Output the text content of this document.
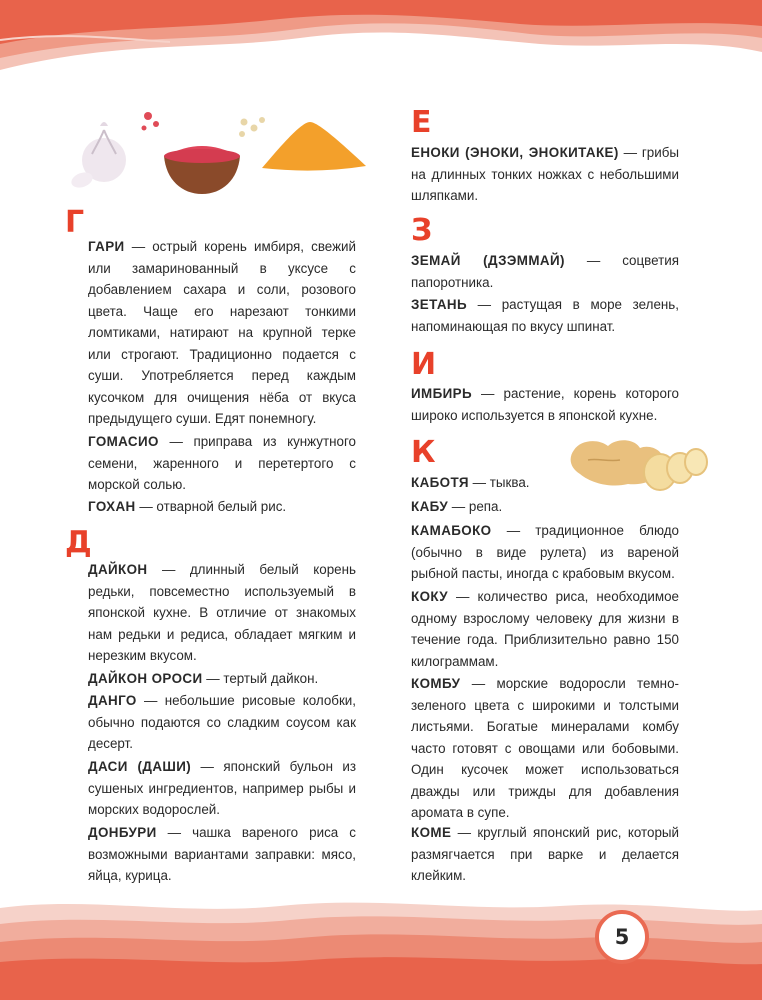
Г

ГАРИ — острый корень имбиря, свежий или замаринованный в уксусе с добавлением сахара и соли, розового цвета. Чаще его нарезают тонкими ломтиками, натирают на крупной терке или строгают. Традиционно подается с суши. Употребляется перед каждым кусочком для очищения нёба от вкуса предыдущего суши. Едят понемногу.

ГОМАСИО — приправа из кунжутного семени, жаренного и перетертого с морской солью.

ГОХАН — отварной белый рис.

Д

ДАЙКОН — длинный белый корень редьки, повсеместно используемый в японской кухне. В отличие от знакомых нам редьки и редиса, обладает мягким и нерезким вкусом.

ДАЙКОН ОРОСИ — тертый дайкон.

ДАНГО — небольшие рисовые колобки, обычно подаются со сладким соусом как десерт.

ДАСИ (ДАШИ) — японский бульон из сушеных ингредиентов, например рыбы и морских водорослей.

ДОНБУРИ — чашка вареного риса с возможными вариантами заправки: мясо, яйца, курица.

Е

ЕНОКИ (ЭНОКИ, ЭНОКИТАКЕ) — грибы на длинных тонких ножках с небольшими шляпками.

З

ЗЕМАЙ (ДЗЭММАЙ) — соцветия папоротника.

ЗЕТАНЬ — растущая в море зелень, напоминающая по вкусу шпинат.

И

ИМБИРЬ — растение, корень которого широко используется в японской кухне.

К

КАБОТЯ — тыква.

КАБУ — репа.

КАМАБОКО — традиционное блюдо (обычно в виде рулета) из вареной рыбной пасты, иногда с крабовым вкусом.

КОКУ — количество риса, необходимое одному взрослому человеку для жизни в течение года. Приблизительно равно 150 килограммам.

КОМБУ — морские водоросли темно-зеленого цвета с широкими и толстыми листьями. Богатые минералами комбу часто готовят с овощами или бобовыми. Один кусочек может использоваться дважды или трижды для добавления аромата в супе.

КОМЕ — круглый японский рис, который размягчается при варке и делается клейким.

5
